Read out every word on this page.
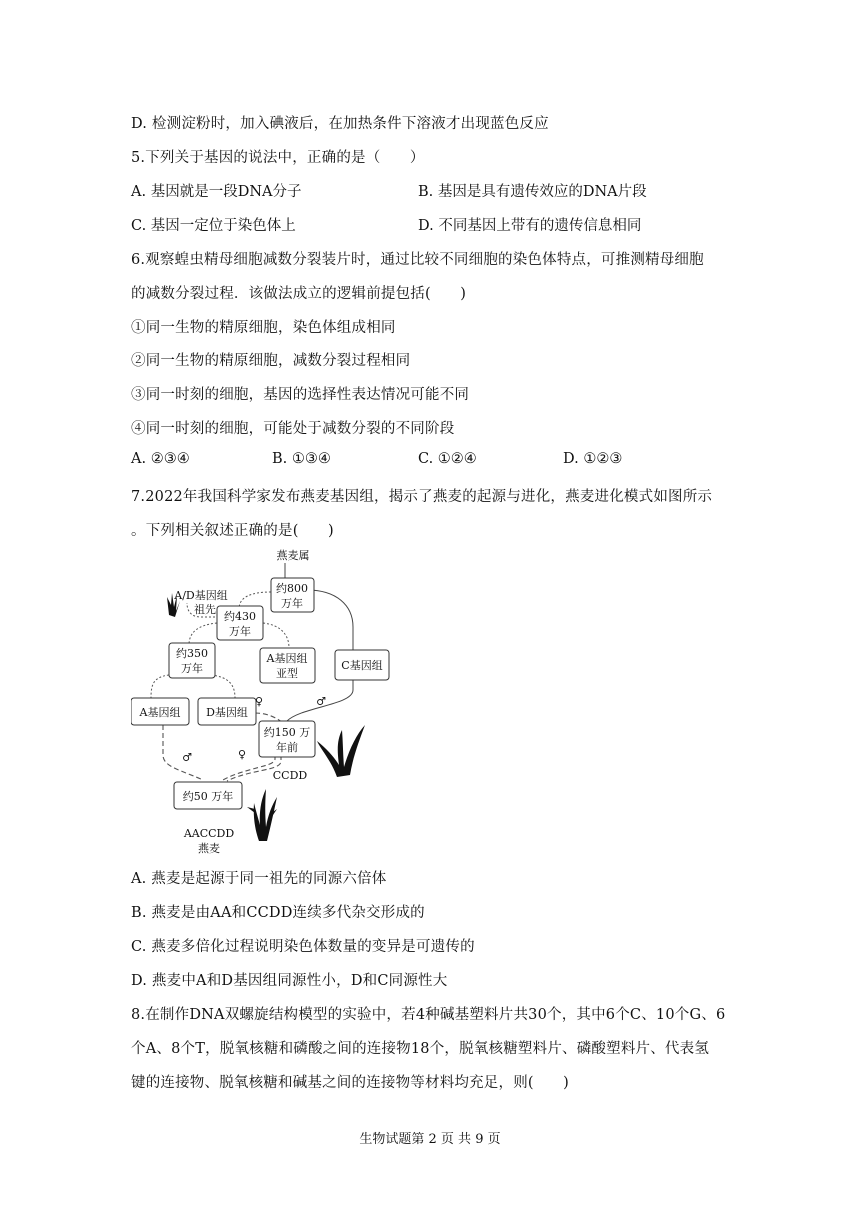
D. 检测淀粉时，加入碘液后，在加热条件下溶液才出现蓝色反应
5.下列关于基因的说法中，正确的是（　　）
A. 基因就是一段DNA分子	B. 基因是具有遗传效应的DNA片段
C. 基因一定位于染色体上	D. 不同基因上带有的遗传信息相同
6.观察蝗虫精母细胞减数分裂装片时，通过比较不同细胞的染色体特点，可推测精母细胞
的减数分裂过程．该做法成立的逻辑前提包括(　　)
①同一生物的精原细胞，染色体组成相同
②同一生物的精原细胞，减数分裂过程相同
③同一时刻的细胞，基因的选择性表达情况可能不同
④同一时刻的细胞，可能处于减数分裂的不同阶段
A. ②③④	B. ①③④	C. ①②④	D. ①②③
7.2022年我国科学家发布燕麦基因组，揭示了燕麦的起源与进化，燕麦进化模式如图所示
。下列相关叙述正确的是(　　)
燕麦属
A/D基因组
祖先
约800
万年
约430
万年
约350
万年
A基因组
亚型
C基因组
A基因组 D基因组
约150 万
年前
CCDD
约50 万年
AACCDD
燕麦
♀	♂
♂	♀
A. 燕麦是起源于同一祖先的同源六倍体
B. 燕麦是由AA和CCDD连续多代杂交形成的
C. 燕麦多倍化过程说明染色体数量的变异是可遗传的
D. 燕麦中A和D基因组同源性小，D和C同源性大
8.在制作DNA双螺旋结构模型的实验中，若4种碱基塑料片共30个，其中6个C、10个G、6
个A、8个T，脱氧核糖和磷酸之间的连接物18个，脱氧核糖塑料片、磷酸塑料片、代表氢
键的连接物、脱氧核糖和碱基之间的连接物等材料均充足，则(　　)
生物试题第 2 页 共 9 页
